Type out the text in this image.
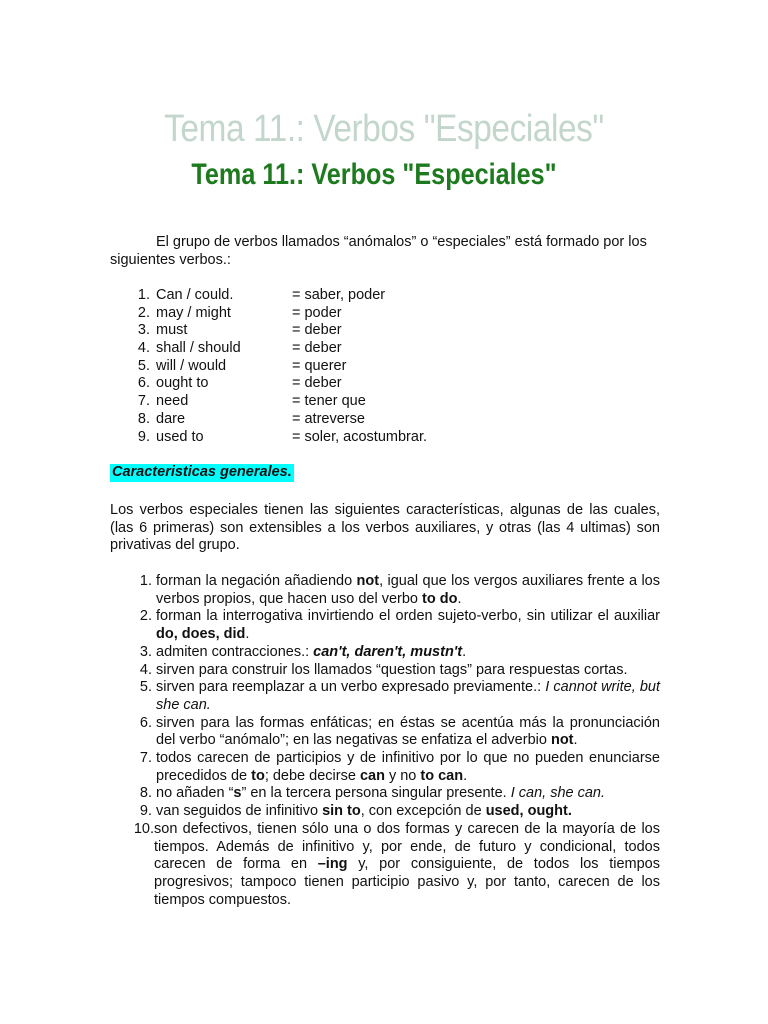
Tema 11.: Verbos "Especiales"
Tema 11.: Verbos "Especiales"

El grupo de verbos llamados “anómalos” o “especiales” está formado por los siguientes verbos.:

1. Can / could.	= saber, poder
2. may / might	= poder
3. must	= deber
4. shall / should	= deber
5. will / would	= querer
6. ought to	= deber
7. need	= tener que
8. dare	= atreverse
9. used to	= soler, acostumbrar.
Caracteristicas generales.

Los verbos especiales tienen las siguientes características, algunas de las cuales, (las 6 primeras) son extensibles a los verbos auxiliares, y otras (las 4 ultimas) son privativas del grupo.

1. forman la negación añadiendo not, igual que los vergos auxiliares frente a los verbos propios, que hacen uso del verbo to do.
2. forman la interrogativa invirtiendo el orden sujeto-verbo, sin utilizar el auxiliar do, does, did.
3. admiten contracciones.: can't, daren't, mustn't.
4. sirven para construir los llamados “question tags” para respuestas cortas.
5. sirven para reemplazar a un verbo expresado previamente.: I cannot write, but she can.
6. sirven para las formas enfáticas; en éstas se acentúa más la pronunciación del verbo “anómalo”; en las negativas se enfatiza el adverbio not.
7. todos carecen de participios y de infinitivo por lo que no pueden enunciarse precedidos de to; debe decirse can y no to can.
8. no añaden “s” en la tercera persona singular presente. I can, she can.
9. van seguidos de infinitivo sin to, con excepción de used, ought.
10. son defectivos, tienen sólo una o dos formas y carecen de la mayoría de los tiempos. Además de infinitivo y, por ende, de futuro y condicional, todos carecen de forma en –ing y, por consiguiente, de todos los tiempos progresivos; tampoco tienen participio pasivo y, por tanto, carecen de los tiempos compuestos.
